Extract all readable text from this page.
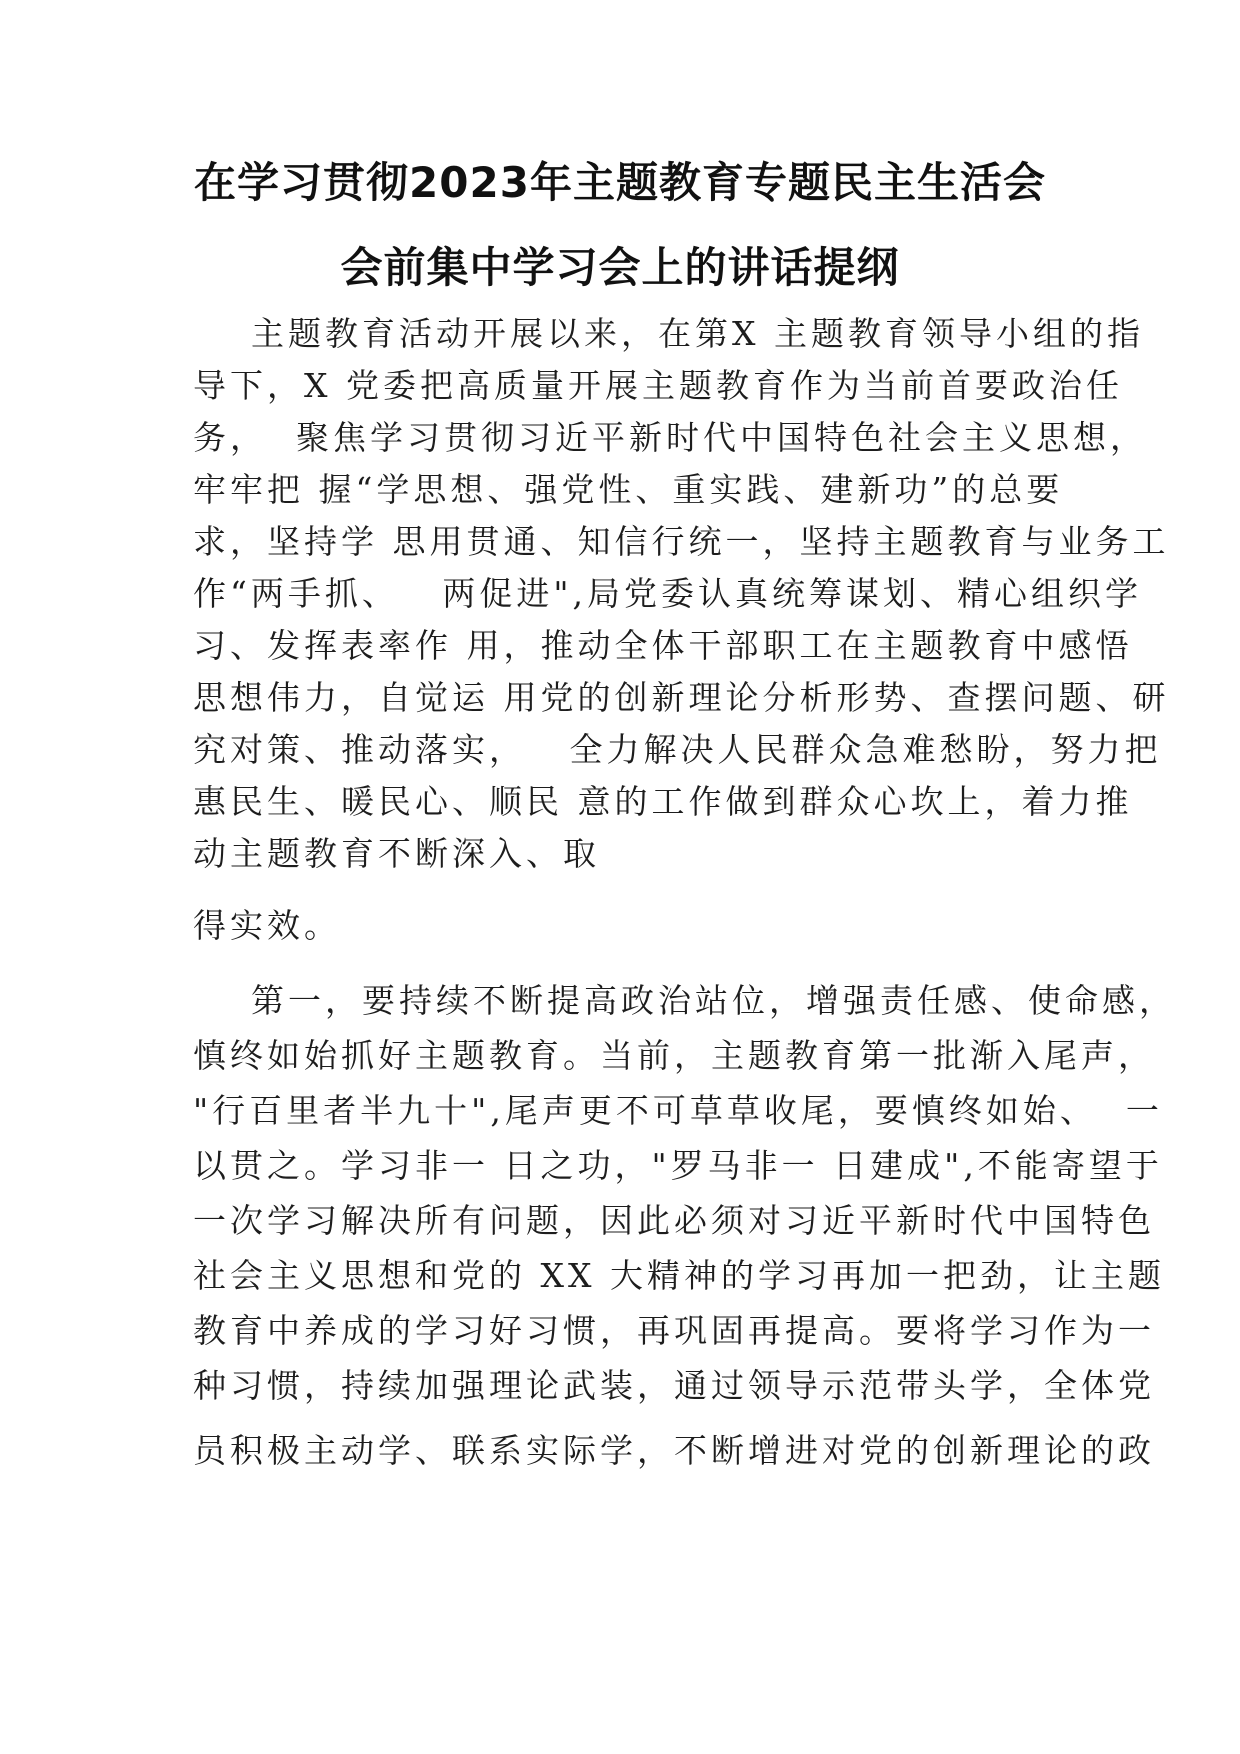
在学习贯彻2023年主题教育专题民主生活会
会前集中学习会上的讲话提纲
主题教育活动开展以来，在第X 主题教育领导小组的指
导下，X 党委把高质量开展主题教育作为当前首要政治任
务，  聚焦学习贯彻习近平新时代中国特色社会主义思想，
牢牢把 握“学思想、强党性、重实践、建新功”的总要
求，坚持学 思用贯通、知信行统一，坚持主题教育与业务工
作“两手抓、   两促进",局党委认真统筹谋划、精心组织学
习、发挥表率作 用，推动全体干部职工在主题教育中感悟
思想伟力，自觉运 用党的创新理论分析形势、查摆问题、研
究对策、推动落实，   全力解决人民群众急难愁盼，努力把
惠民生、暖民心、顺民 意的工作做到群众心坎上，着力推
动主题教育不断深入、取
得实效。
第一，要持续不断提高政治站位，增强责任感、使命感，
慎终如始抓好主题教育。当前，主题教育第一批渐入尾声，
"行百里者半九十",尾声更不可草草收尾，要慎终如始、  一
以贯之。学习非一 日之功，"罗马非一 日建成",不能寄望于
一次学习解决所有问题，因此必须对习近平新时代中国特色
社会主义思想和党的 XX 大精神的学习再加一把劲，让主题
教育中养成的学习好习惯，再巩固再提高。要将学习作为一
种习惯，持续加强理论武装，通过领导示范带头学，全体党
员积极主动学、联系实际学，不断增进对党的创新理论的政
